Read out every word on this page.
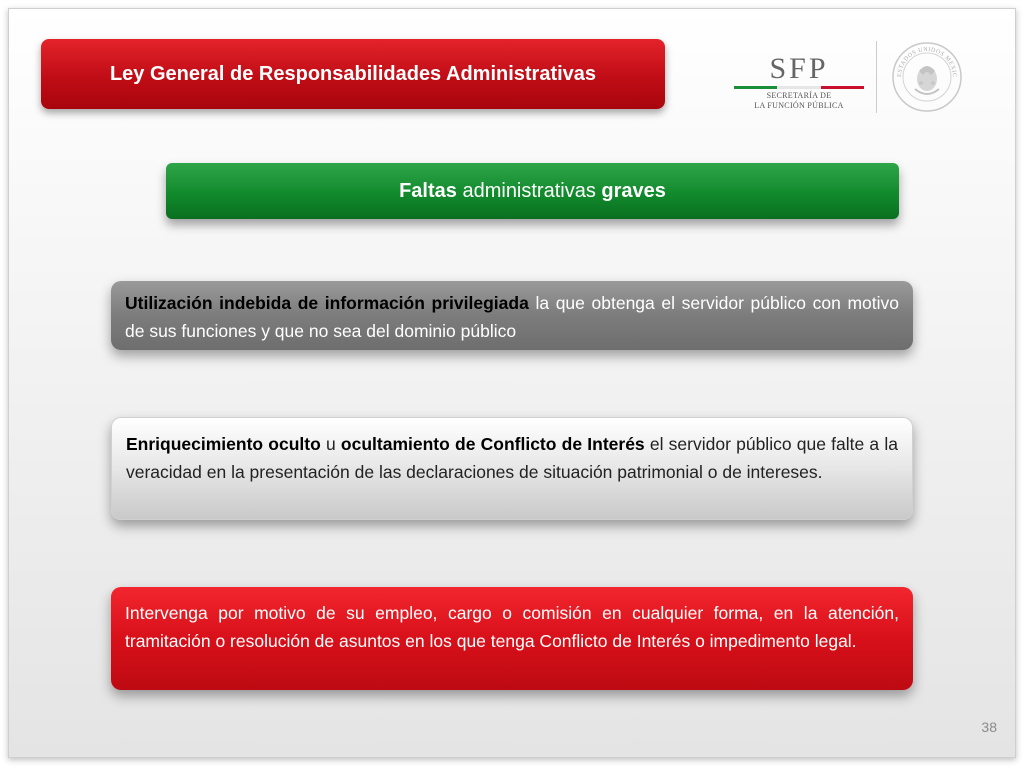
Ley General de Responsabilidades Administrativas	SFP
SECRETARÍA DE
LA FUNCIÓN PÚBLICA
ESTADOS UNIDOS MEXIC
Faltas administrativas graves
Utilización indebida de información privilegiada la que obtenga el servidor público con motivo de sus funciones y que no sea del dominio público
Enriquecimiento oculto u ocultamiento de Conflicto de Interés el servidor público que falte a la veracidad en la presentación de las declaraciones de situación patrimonial o de intereses.
Intervenga por motivo de su empleo, cargo o comisión en cualquier forma, en la atención, tramitación o resolución de asuntos en los que tenga Conflicto de Interés o impedimento legal.
38
